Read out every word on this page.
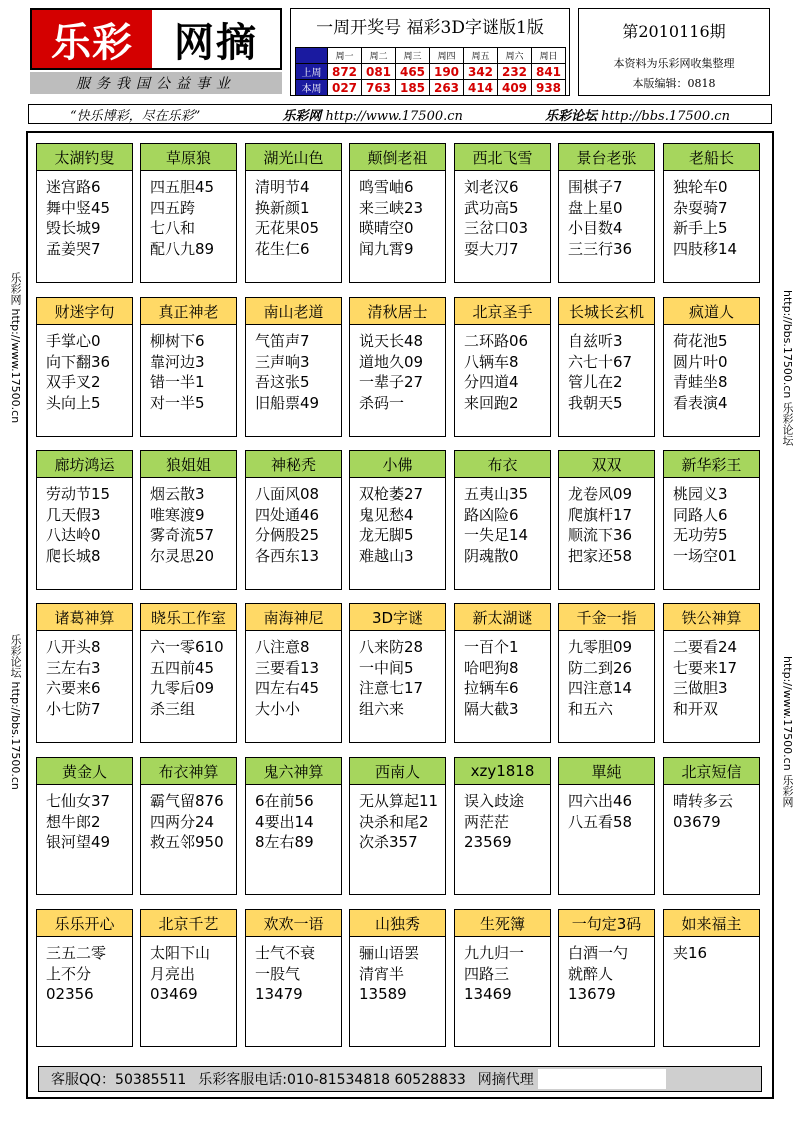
乐彩	网摘
服务我国公益事业
一周开奖号 福彩3D字谜版1版
	周一	周二	周三	周四	周五	周六	周日
上周	872	081	465	190	342	232	841
本周	027	763	185	263	414	409	938
第2010116期
本资料为乐彩网收集整理
本版编辑：0818
“快乐博彩，尽在乐彩”	乐彩网 http://www.17500.cn	乐彩论坛 http://bbs.17500.cn
乐彩网 http://www.17500.cn
乐彩论坛 http://bbs.17500.cn
http://bbs.17500.cn 乐彩论坛
http://www.17500.cn 乐彩网
太湖钓叟
迷宫路6
舞中竖45
毁长城9
孟姜哭7
草原狼
四五胆45
四五跨
七八和
配八九89
湖光山色
清明节4
换新颜1
无花果05
花生仁6
颠倒老祖
鸣雪岫6
来三峡23
暎晴空0
闻九霄9
西北飞雪
刘老汉6
武功高5
三岔口03
耍大刀7
景台老张
围棋子7
盘上星0
小目数4
三三行36
老船长
独轮车0
杂耍骑7
新手上5
四肢移14
财迷字句
手掌心0
向下翻36
双手叉2
头向上5
真正神老
柳树下6
靠河边3
错一半1
对一半5
南山老道
气笛声7
三声响3
吾这张5
旧船票49
清秋居士
说天长48
道地久09
一辈子27
杀码一
北京圣手
二环路06
八辆车8
分四道4
来回跑2
长城长玄机
自兹听3
六七十67
管儿在2
我朝天5
疯道人
荷花池5
圆片叶0
青蛙坐8
看表演4
廊坊鸿运
劳动节15
几天假3
八达岭0
爬长城8
狼姐姐
烟云散3
唯寒渡9
雾奇流57
尔灵思20
神秘秃
八面风08
四处通46
分俩股25
各西东13
小佛
双枪萎27
鬼见愁4
龙无脚5
难越山3
布衣
五夷山35
路凶险6
一失足14
阴魂散0
双双
龙卷风09
爬旗杆17
顺流下36
把家还58
新华彩王
桃园义3
同路人6
无功劳5
一场空01
诸葛神算
八开头8
三左右3
六要来6
小七防7
晓乐工作室
六一零610
五四前45
九零后09
杀三组
南海神尼
八注意8
三要看13
四左右45
大小小
3D字谜
八来防28
一中间5
注意七17
组六来
新太湖谜
一百个1
哈吧狗8
拉辆车6
隔大截3
千金一指
九零胆09
防二到26
四注意14
和五六
铁公神算
二要看24
七要来17
三做胆3
和开双
黄金人
七仙女37
想牛郎2
银河望49
布衣神算
霸气留876
四两分24
救五邻950
鬼六神算
6在前56
4要出14
8左右89
西南人
无从算起11
决杀和尾2
次杀357
xzy1818
误入歧途
两茫茫
23569
單純
四六出46
八五看58
北京短信
晴转多云
03679
乐乐开心
三五二零
上不分
02356
北京千艺
太阳下山
月亮出
03469
欢欢一语
士气不衰
一股气
13479
山独秀
骊山语罢
清宵半
13589
生死簿
九九归一
四路三
13469
一句定3码
白酒一勺
就醉人
13679
如来福主
夹16
客服QQ：50385511 乐彩客服电话:010-81534818 60528833 网摘代理
